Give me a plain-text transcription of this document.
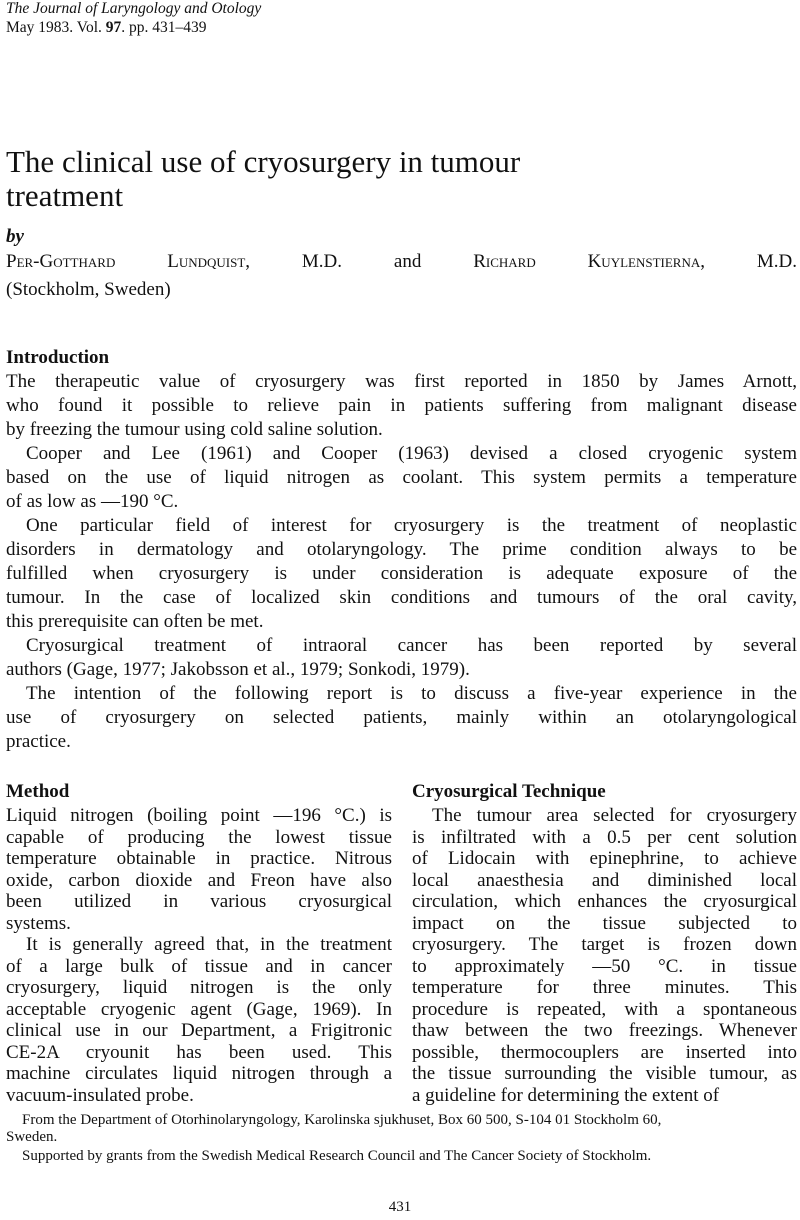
The Journal of Laryngology and Otology
May 1983. Vol. 97. pp. 431–439
The clinical use of cryosurgery in tumour
treatment
by
Per-Gotthard Lundquist, M.D. and Richard Kuylenstierna, M.D.
(Stockholm, Sweden)
Introduction
The therapeutic value of cryosurgery was first reported in 1850 by James Arnott,
who found it possible to relieve pain in patients suffering from malignant disease
by freezing the tumour using cold saline solution.
Cooper and Lee (1961) and Cooper (1963) devised a closed cryogenic system
based on the use of liquid nitrogen as coolant. This system permits a temperature
of as low as —190 °C.
One particular field of interest for cryosurgery is the treatment of neoplastic
disorders in dermatology and otolaryngology. The prime condition always to be
fulfilled when cryosurgery is under consideration is adequate exposure of the
tumour. In the case of localized skin conditions and tumours of the oral cavity,
this prerequisite can often be met.
Cryosurgical treatment of intraoral cancer has been reported by several
authors (Gage, 1977; Jakobsson et al., 1979; Sonkodi, 1979).
The intention of the following report is to discuss a five-year experience in the
use of cryosurgery on selected patients, mainly within an otolaryngological
practice.
Method
Liquid nitrogen (boiling point —196 °C.) is
capable of producing the lowest tissue
temperature obtainable in practice. Nitrous
oxide, carbon dioxide and Freon have also
been utilized in various cryosurgical
systems.
It is generally agreed that, in the treatment
of a large bulk of tissue and in cancer
cryosurgery, liquid nitrogen is the only
acceptable cryogenic agent (Gage, 1969). In
clinical use in our Department, a Frigitronic
CE-2A cryounit has been used. This
machine circulates liquid nitrogen through a
vacuum-insulated probe.
Cryosurgical Technique
The tumour area selected for cryosurgery
is infiltrated with a 0.5 per cent solution
of Lidocain with epinephrine, to achieve
local anaesthesia and diminished local
circulation, which enhances the cryosurgical
impact on the tissue subjected to
cryosurgery. The target is frozen down
to approximately —50 °C. in tissue
temperature for three minutes. This
procedure is repeated, with a spontaneous
thaw between the two freezings. Whenever
possible, thermocouplers are inserted into
the tissue surrounding the visible tumour, as
a guideline for determining the extent of
From the Department of Otorhinolaryngology, Karolinska sjukhuset, Box 60 500, S-104 01 Stockholm 60,
Sweden.
Supported by grants from the Swedish Medical Research Council and The Cancer Society of Stockholm.
431
